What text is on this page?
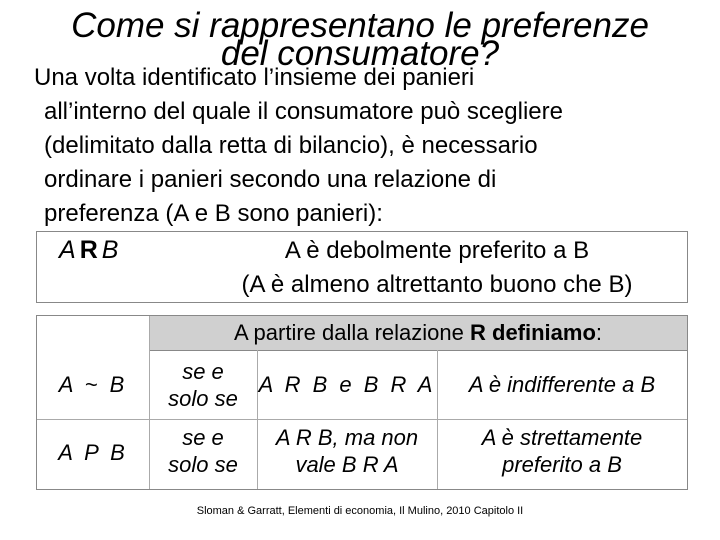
Come si rappresentano le preferenze
del consumatore?
Una volta identificato l’insieme dei panieri
all’interno del quale il consumatore può scegliere
(delimitato dalla retta di bilancio), è necessario
ordinare i panieri secondo una relazione di
preferenza (A e B sono panieri):
ARB	A è debolmente preferito a B
(A è almeno altrettanto buono che B)
A partire dalla relazione R definiamo:
A ~ B
se e
solo se
A R B e B R A	A è indifferente a B
A P B
se e
solo se
A R B, ma non
vale B R A
A è strettamente
preferito a B
Sloman & Garratt, Elementi di economia, Il Mulino, 2010 Capitolo II
